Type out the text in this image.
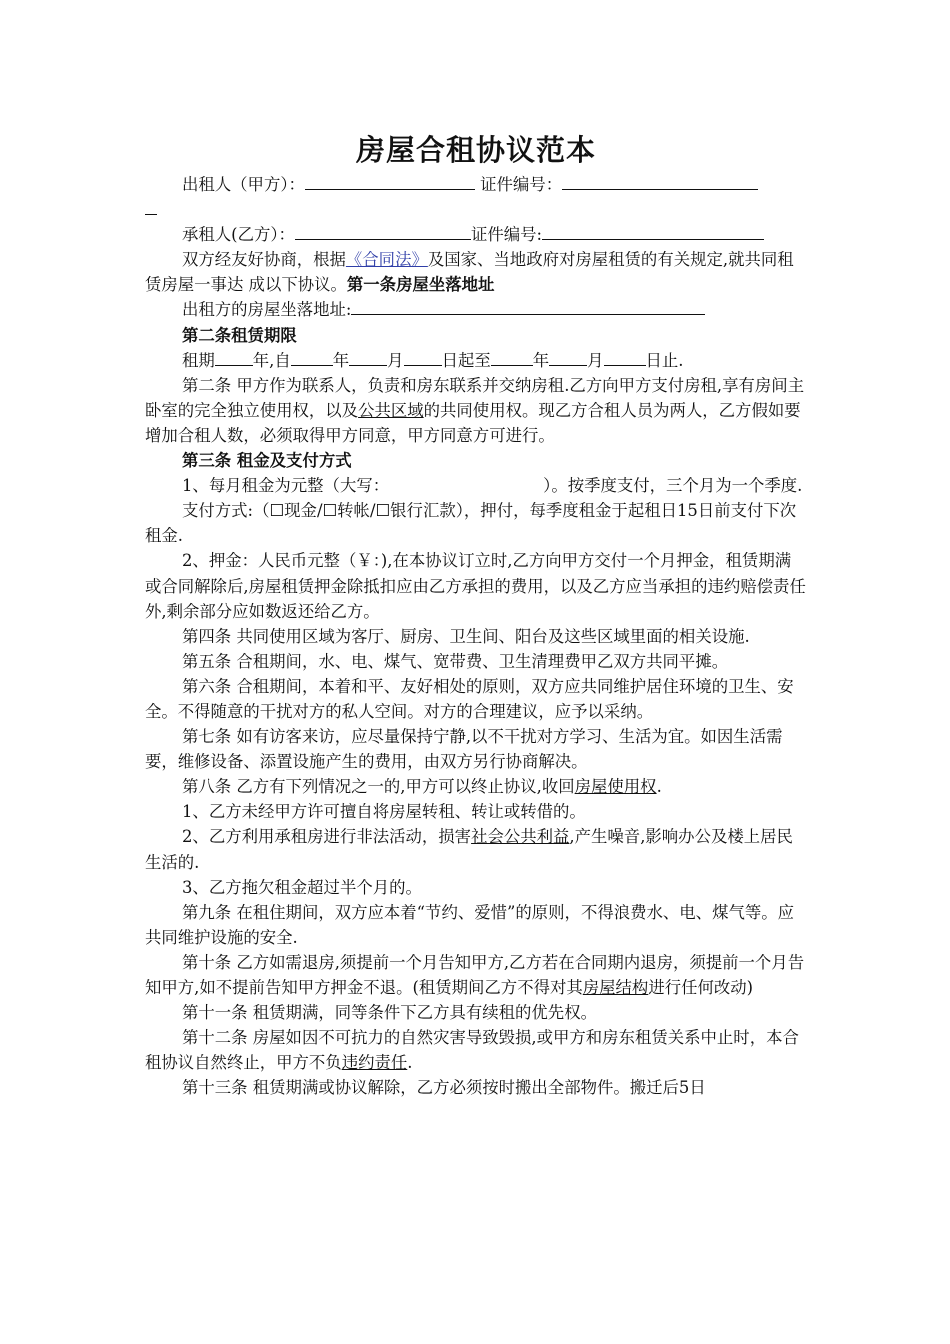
房屋合租协议范本

出租人（甲方）：	证件编号：

承租人(乙方）：	证件编号:

双方经友好协商，根据《合同法》及国家、当地政府对房屋租赁的有关规定,就共同租赁房屋一事达 成以下协议。第一条房屋坐落地址

出租方的房屋坐落地址:

第二条租赁期限

租期 年,自	年 月 日起至	年 月	日止.

第二条 甲方作为联系人，负责和房东联系并交纳房租.乙方向甲方支付房租,享有房间主卧室的完全独立使用权，以及公共区域的共同使用权。现乙方合租人员为两人，乙方假如要增加合租人数，必须取得甲方同意，甲方同意方可进行。

第三条 租金及支付方式

1、每月租金为元整（大写：	）。按季度支付，三个月为一个季度.

支付方式:（☐现金/☐转帐/☐银行汇款），押付，每季度租金于起租日15日前支付下次租金.

2、押金：人民币元整（￥：),在本协议订立时,乙方向甲方交付一个月押金，租赁期满或合同解除后,房屋租赁押金除抵扣应由乙方承担的费用，以及乙方应当承担的违约赔偿责任外,剩余部分应如数返还给乙方。

第四条 共同使用区域为客厅、厨房、卫生间、阳台及这些区域里面的相关设施.

第五条 合租期间，水、电、煤气、宽带费、卫生清理费甲乙双方共同平摊。

第六条 合租期间，本着和平、友好相处的原则，双方应共同维护居住环境的卫生、安全。不得随意的干扰对方的私人空间。对方的合理建议，应予以采纳。

第七条 如有访客来访，应尽量保持宁静,以不干扰对方学习、生活为宜。如因生活需要，维修设备、添置设施产生的费用，由双方另行协商解决。

第八条 乙方有下列情况之一的,甲方可以终止协议,收回房屋使用权.

1、乙方未经甲方许可擅自将房屋转租、转让或转借的。

2、乙方利用承租房进行非法活动，损害社会公共利益,产生噪音,影响办公及楼上居民生活的.

3、乙方拖欠租金超过半个月的。

第九条 在租住期间，双方应本着“节约、爱惜”的原则，不得浪费水、电、煤气等。应共同维护设施的安全.

第十条 乙方如需退房,须提前一个月告知甲方,乙方若在合同期内退房，须提前一个月告知甲方,如不提前告知甲方押金不退。(租赁期间乙方不得对其房屋结构进行任何改动)

第十一条 租赁期满，同等条件下乙方具有续租的优先权。

第十二条 房屋如因不可抗力的自然灾害导致毁损,或甲方和房东租赁关系中止时，本合租协议自然终止，甲方不负违约责任.

第十三条 租赁期满或协议解除，乙方必须按时搬出全部物件。搬迁后5日
